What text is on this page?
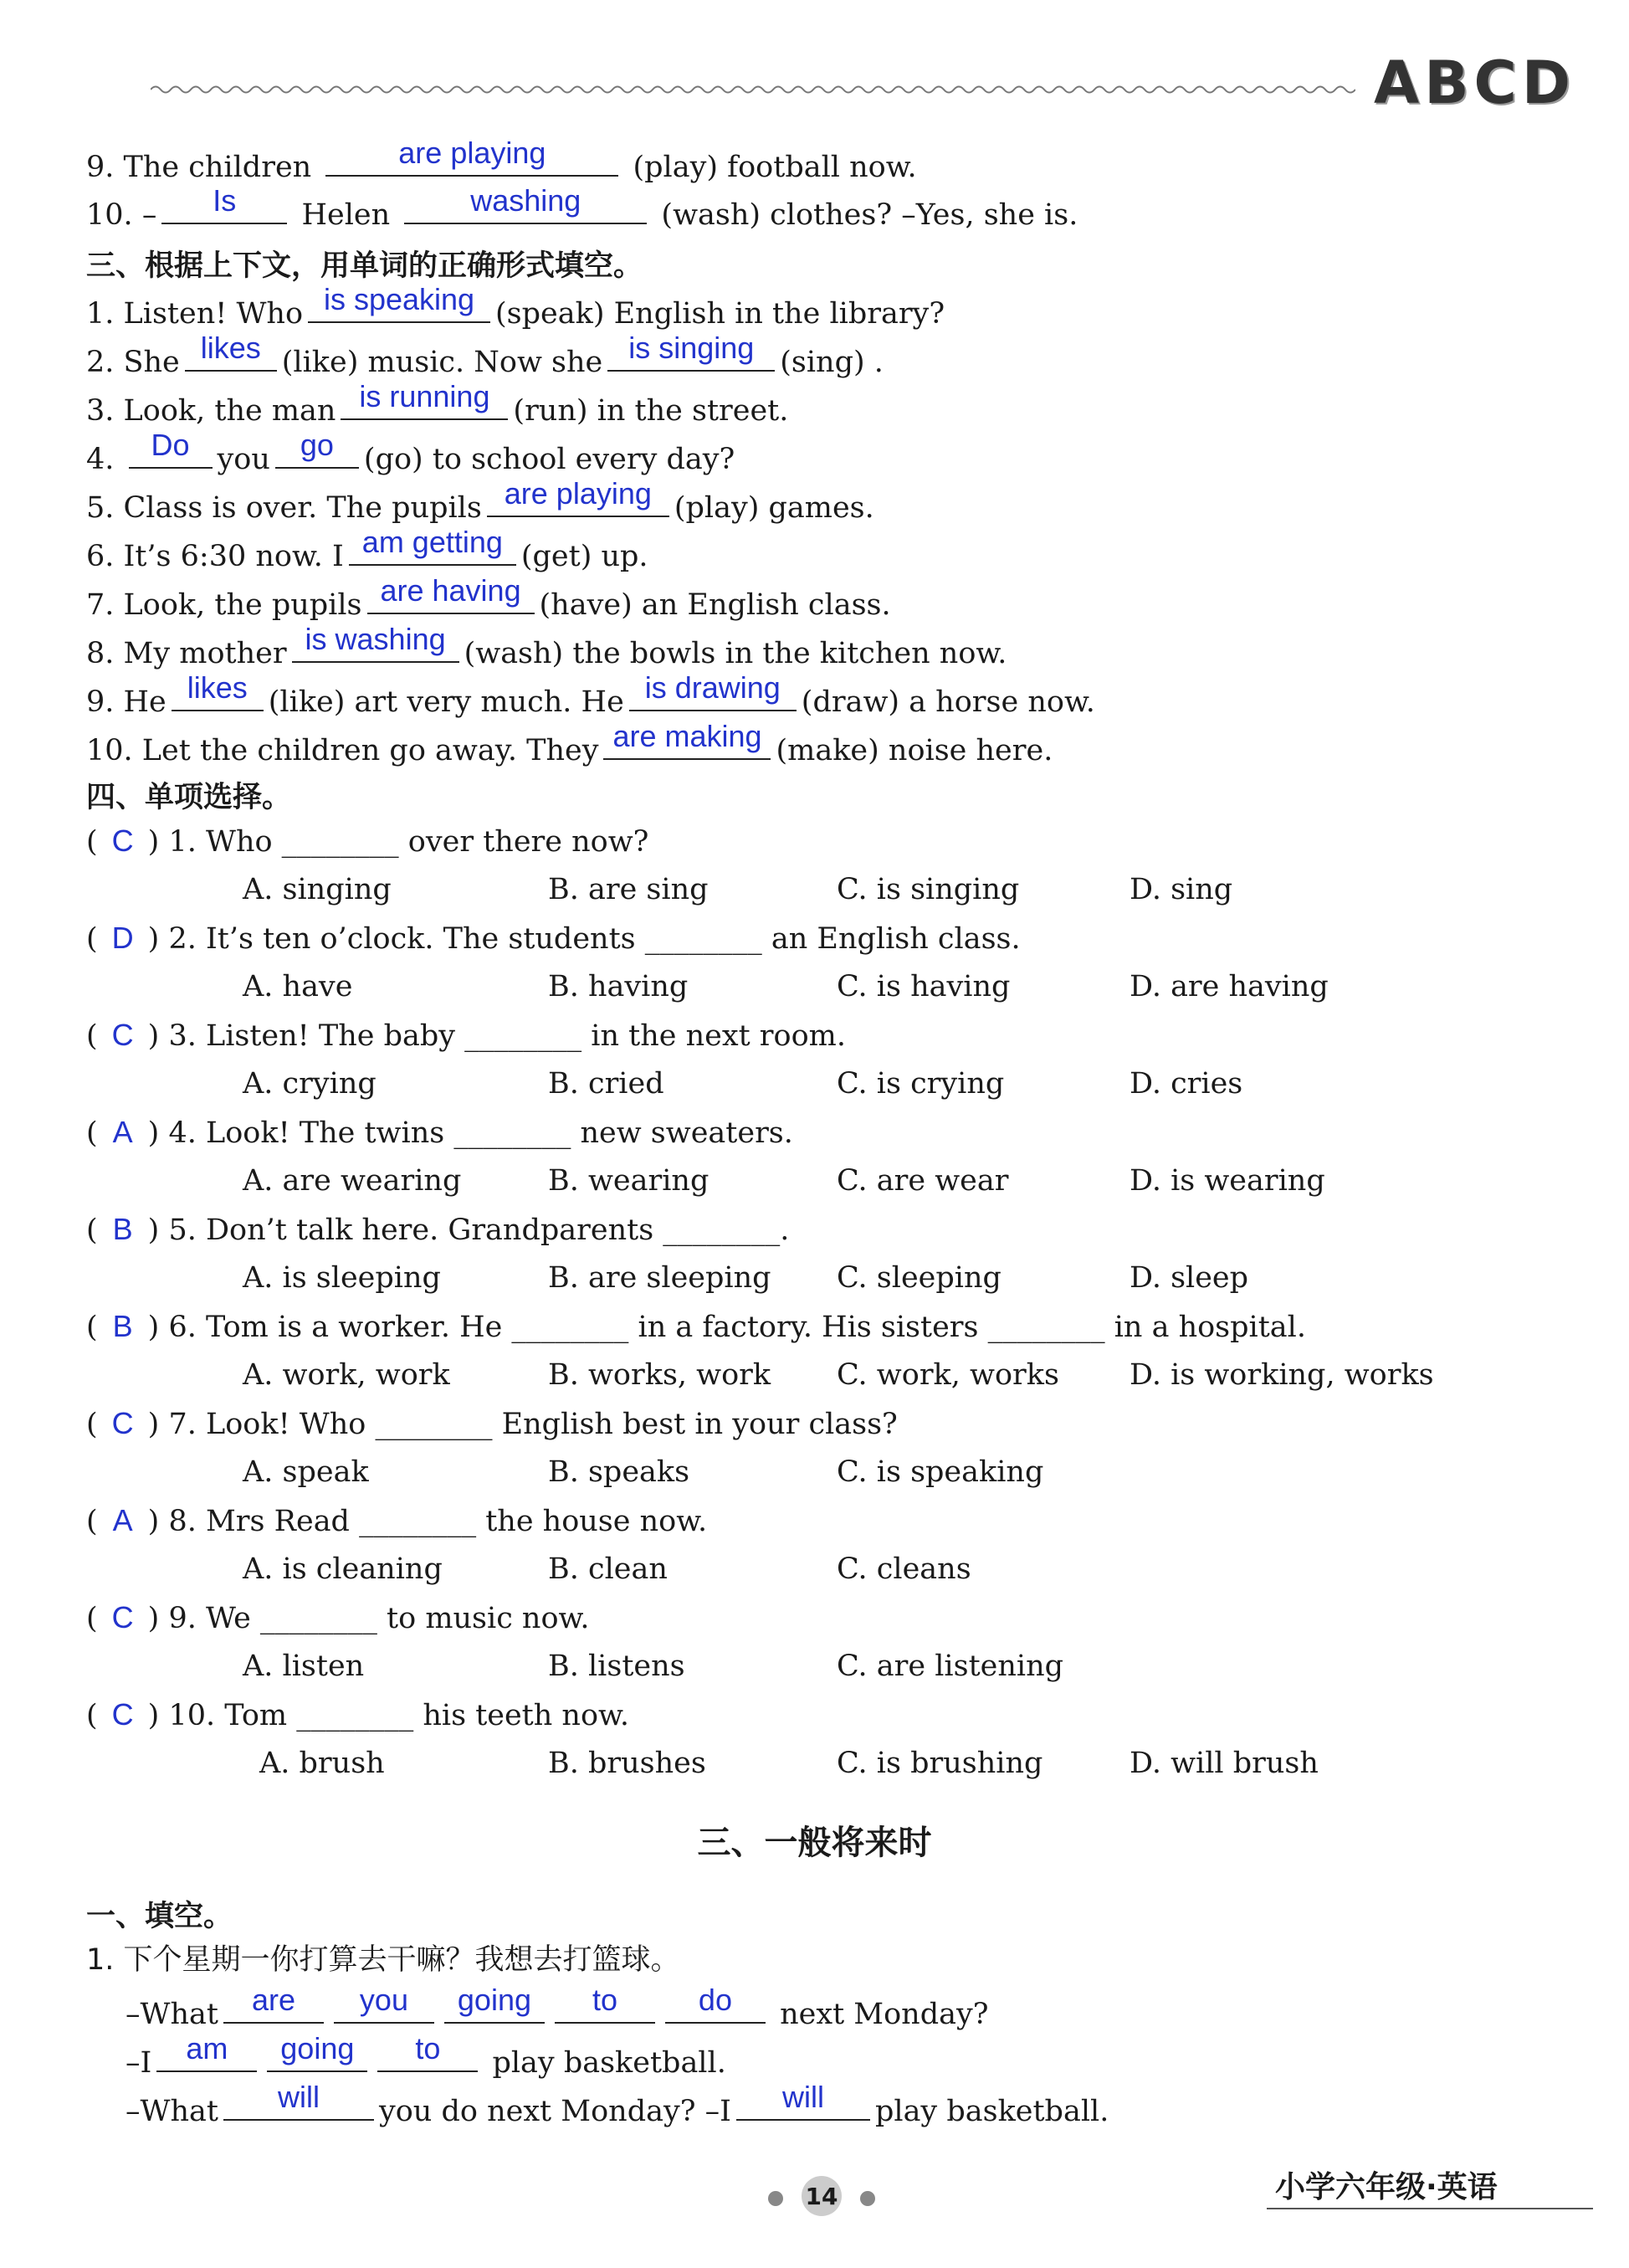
A B C D
9. The children	are playing	(play) football now.
10. –	Is	Helen	washing	(wash) clothes? –Yes, she is.
三、根据上下文，用单词的正确形式填空。
1. Listen! Who is speaking (speak) English in the library?
2. She likes (like) music. Now she is singing (sing) .
3. Look, the man is running (run) in the street.
4. Do you go	(go) to school every day?
5. Class is over. The pupils are playing (play) games.
6. It’s 6:30 now. I am getting (get) up.
7. Look, the pupils are having (have) an English class.
8. My mother is washing (wash) the bowls in the kitchen now.
9. He likes (like) art very much. He is drawing (draw) a horse now.
10. Let the children go away. They are making (make) noise here.
四、单项选择。
( C ) 1. Who ________ over there now?
A. singing	B. are sing	C. is singing	D. sing
( D ) 2. It’s ten o’clock. The students ________ an English class.
A. have	B. having	C. is having	D. are having
( C ) 3. Listen! The baby ________ in the next room.
A. crying	B. cried	C. is crying	D. cries
( A ) 4. Look! The twins ________ new sweaters.
A. are wearing	B. wearing	C. are wear	D. is wearing
( B ) 5. Don’t talk here. Grandparents ________.
A. is sleeping	B. are sleeping C. sleeping	D. sleep
( B ) 6. Tom is a worker. He ________ in a factory. His sisters ________ in a hospital.
A. work, work	B. works, work C. work, works D. is working, works
( C ) 7. Look! Who ________ English best in your class?
A. speak	B. speaks	C. is speaking
( A ) 8. Mrs Read ________ the house now.
A. is cleaning	B. clean	C. cleans
( C ) 9. We ________ to music now.
A. listen	B. listens	C. are listening
( C ) 10. Tom ________ his teeth now.
A. brush	B. brushes	C. is brushing	D. will brush
三、一般将来时
一、填空。
1. 下个星期一你打算去干嘛？我想去打篮球。
–What	are	you	going	to	do	next Monday?
–I	am	going	to	play basketball.
–What	will	you do next Monday? –I	will	play basketball.
14	小学六年级·英语
